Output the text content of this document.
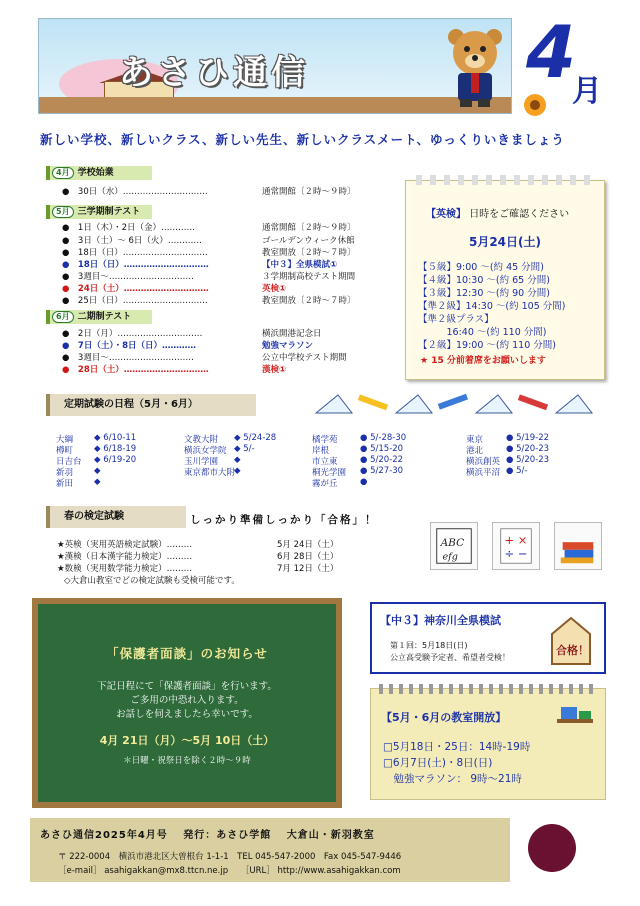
あさひ通信	4
月
新しい学校、新しいクラス、新しい先生、新しいクラスメート、ゆっくりいきましょう
4月 学校始業
●　30日（水）…………………………	通常開館〔２時～９時〕
5月 三学期制テスト
●　1日（木）・2日（金）…………	通常開館〔２時～９時〕
●　3日（土）～ 6日（火）…………	ゴールデンウィーク休館
●　18日（日）…………………………	教室開放〔２時～７時〕
●　18日（日）…………………………	【中３】全県模試①
●　3週目～…………………………	３学期制高校テスト期間
●　24日（土）…………………………	英検①
●　25日（日）…………………………	教室開放〔２時～７時〕
6月 二期制テスト
●　2日（月）…………………………	横浜開港記念日
●　7日（土）・8日（日）…………	勉強マラソン
●　3週目～…………………………	公立中学校テスト期間
●　28日（土）…………………………	漢検①
【英検】 日時をご確認ください
5月24日(土)
【５級】9:00 ～(約 45 分間)
【４級】10:30 ～(約 65 分間)
【３級】12:30 ～(約 90 分間)
【準２級】14:30 ～(約 105 分間)
【準２級プラス】
　　　16:40 ～(約 110 分間)
【２級】19:00 ～(約 110 分間)
★ 15 分前着席をお願いします
定期試験の日程（5月・6月）
大綱 ◆ 6/10-11
樽町 ◆ 6/18-19
日吉台 ◆ 6/19-20
新羽 ◆
新田 ◆
文教大附 ◆ 5/24-28
横浜女学院 ◆ 5/-
玉川学園 ◆
東京都市大附
◆
橘学苑	● 5/-28-30
岸根	● 5/15-20
市立東	● 5/20-22
桐光学園 ● 5/27-30
霧が丘	●
東京	● 5/19-22
港北	● 5/20-23
横浜創英 ● 5/20-23
横浜平沼 ● 5/-
春の検定試験	しっかり準備しっかり「合格」！
★英検（実用英語検定試験）………	5月 24日（土）
★漢検（日本漢字能力検定）………	6月 28日（土）
★数検（実用数学能力検定）………	7月 12日（土）
◇大倉山教室でどの検定試験も受検可能です。
ABC
efg
+ ×
÷ −
「保護者面談」のお知らせ
下記日程にて「保護者面談」を行います。
ご多用の中恐れ入ります。
お話しを伺えましたら幸いです。
4月 21日（月）～5月 10日（土）
＊日曜・祝祭日を除く２時～９時
【中３】神奈川全県模試
第１回：5月18日(日)
公立高受験予定者、希望者受検！
合格！
【5月・6月の教室開放】
□5月18日・25日：14時-19時
□6月7日(土)・8日(日)
　勉強マラソン： 9時～21時
あさひ通信2025年4月号　 発行：あさひ学館　 大倉山・新羽教室
〒 222-0004　横浜市港北区大曽根台 1-1-1　TEL 045-547-2000　Fax 045-547-9446
［e-mail］ asahigakkan@mx8.ttcn.ne.jp　　［URL］ http://www.asahigakkan.com
